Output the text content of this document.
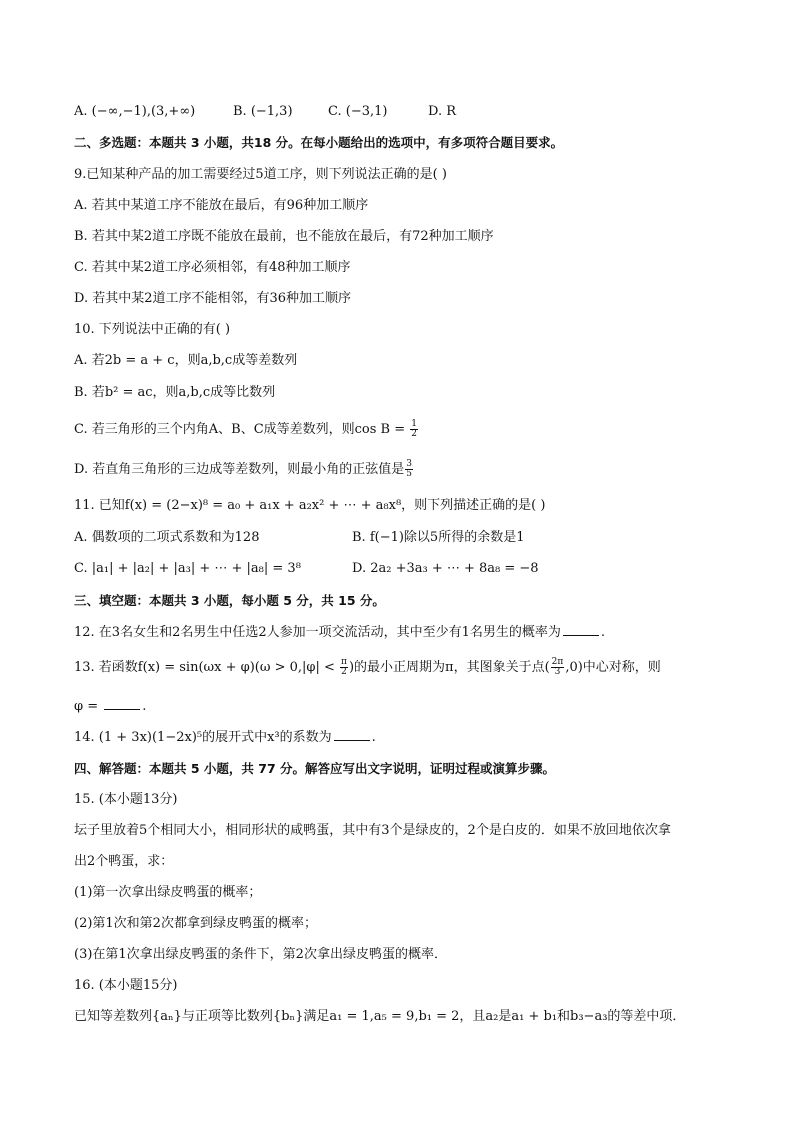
A. (−∞,−1),(3,+∞)	B. (−1,3)	C. (−3,1)	D. R
二、多选题：本题共 3 小题，共18 分。在每小题给出的选项中，有多项符合题目要求。
9.已知某种产品的加工需要经过5道工序，则下列说法正确的是( )
A. 若其中某道工序不能放在最后，有96种加工顺序
B. 若其中某2道工序既不能放在最前，也不能放在最后，有72种加工顺序
C. 若其中某2道工序必须相邻，有48种加工顺序
D. 若其中某2道工序不能相邻，有36种加工顺序
10. 下列说法中正确的有( )
A. 若2b = a + c，则a,b,c成等差数列
B. 若b² = ac，则a,b,c成等比数列
C. 若三角形的三个内角A、B、C成等差数列，则$\cos B = \frac{1}{2}$
D. 若直角三角形的三边成等差数列，则最小角的正弦值是 $\frac{3}{5}$
11. 已知f(x) = (2−x)⁸ = a₀ + a₁x + a₂x² + ⋯ + a₈x⁸，则下列描述正确的是( )
A. 偶数项的二项式系数和为128	B. f(−1)除以5所得的余数是1
C. |a₁| + |a₂| + |a₃| + ⋯ + |a₈| = 3⁸	D. 2a₂ +3a₃ + ⋯ + 8a₈ = −8
三、填空题：本题共 3 小题，每小题 5 分，共 15 分。
12. 在3名女生和2名男生中任选2人参加一项交流活动，其中至少有1名男生的概率为	.
13. 若函数$f(x) = \sin(\omega x + \varphi)(\omega > 0,|\varphi| < \frac{\pi}{2}$ )的最小正周期为π，其图象关于点( $\frac{2\pi}{3} ,0$)中心对称，则
φ =	.
14. (1 + 3x)(1−2x)⁵的展开式中x³的系数为	.
四、解答题：本题共 5 小题，共 77 分。解答应写出文字说明，证明过程或演算步骤。
15. (本小题13分)
坛子里放着5个相同大小，相同形状的咸鸭蛋，其中有3个是绿皮的，2个是白皮的．如果不放回地依次拿
出2个鸭蛋，求：
(1)第一次拿出绿皮鸭蛋的概率；
(2)第1次和第2次都拿到绿皮鸭蛋的概率；
(3)在第1次拿出绿皮鸭蛋的条件下，第2次拿出绿皮鸭蛋的概率．
16. (本小题15分)
已知等差数列{aₙ}与正项等比数列{bₙ}满足a₁ = 1,a₅ = 9,b₁ = 2，且a₂是a₁ + b₁和b₃−a₃的等差中项．
